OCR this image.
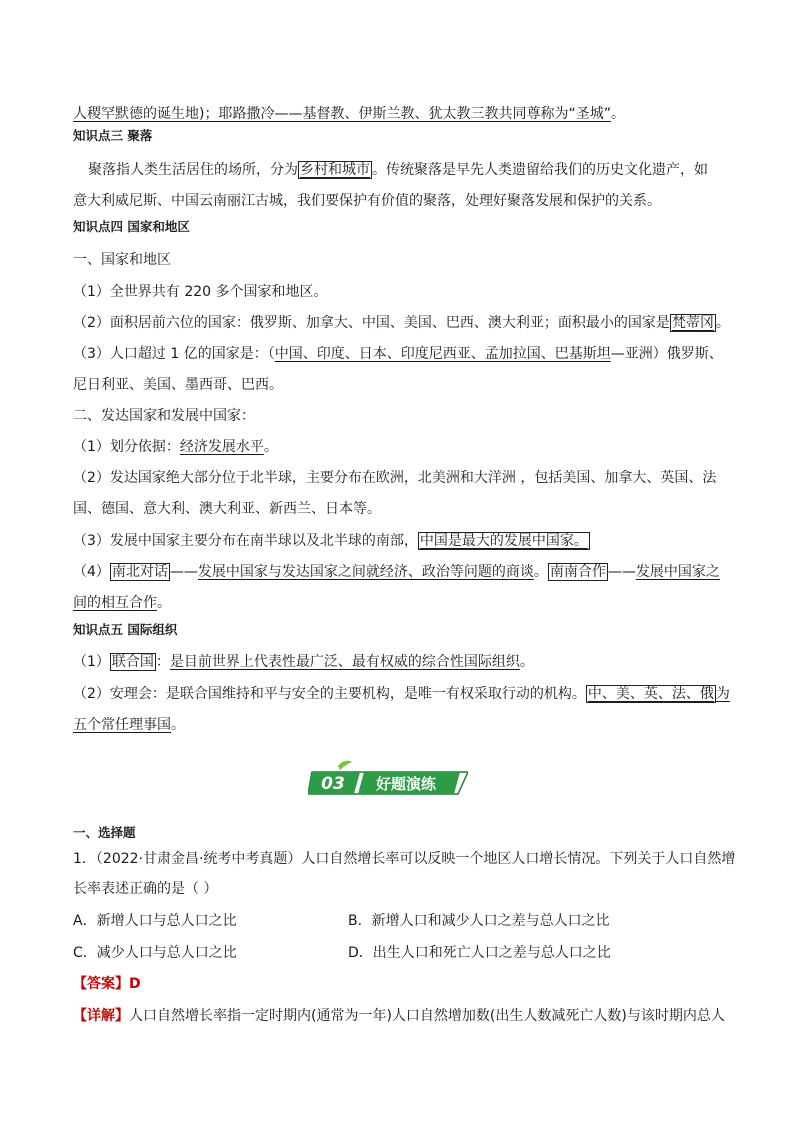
人稷罕默德的诞生地)；耶路撒冷——基督教、伊斯兰教、犹太教三教共同尊称为“圣城”。
知识点三 聚落
聚落指人类生活居住的场所，分为 乡村和城市 。传统聚落是早先人类遗留给我们的历史文化遗产，如
意大利威尼斯、中国云南丽江古城，我们要保护有价值的聚落，处理好聚落发展和保护的关系。
知识点四 国家和地区
一、国家和地区
（1）全世界共有 220 多个国家和地区。
（2）面积居前六位的国家：俄罗斯、加拿大、中国、美国、巴西、澳大利亚；面积最小的国家是 梵蒂冈 。
（3）人口超过 1 亿的国家是：（中国、印度、日本、印度尼西亚、孟加拉国、巴基斯坦—亚洲）俄罗斯、
尼日利亚、美国、墨西哥、巴西。
二、发达国家和发展中国家：
（1）划分依据：经济发展水平。
（2）发达国家绝大部分位于北半球，主要分布在欧洲，北美洲和大洋洲 ，包括美国、加拿大、英国、法
国、德国、意大利、澳大利亚、新西兰、日本等。
（3）发展中国家主要分布在南半球以及北半球的南部， 中国是最大的发展中国家。
（4） 南北对话 ——发展中国家与发达国家之间就经济、政治等问题的商谈。 南南合作 ——发展中国家之
间的相互合作。
知识点五 国际组织
（1） 联合国 ：是目前世界上代表性最广泛、最有权威的综合性国际组织。
（2）安理会：是联合国维持和平与安全的主要机构，是唯一有权采取行动的机构。 中、美、英、法、俄 为
五个常任理事国。
03 好题演练
一、选择题
1．（2022·甘肃金昌·统考中考真题）人口自然增长率可以反映一个地区人口增长情况。下列关于人口自然增
长率表述正确的是（ ）
A．新增人口与总人口之比	B．新增人口和减少人口之差与总人口之比
C．减少人口与总人口之比	D．出生人口和死亡人口之差与总人口之比
【答案】D
【详解】人口自然增长率指一定时期内(通常为一年)人口自然增加数(出生人数减死亡人数)与该时期内总人
